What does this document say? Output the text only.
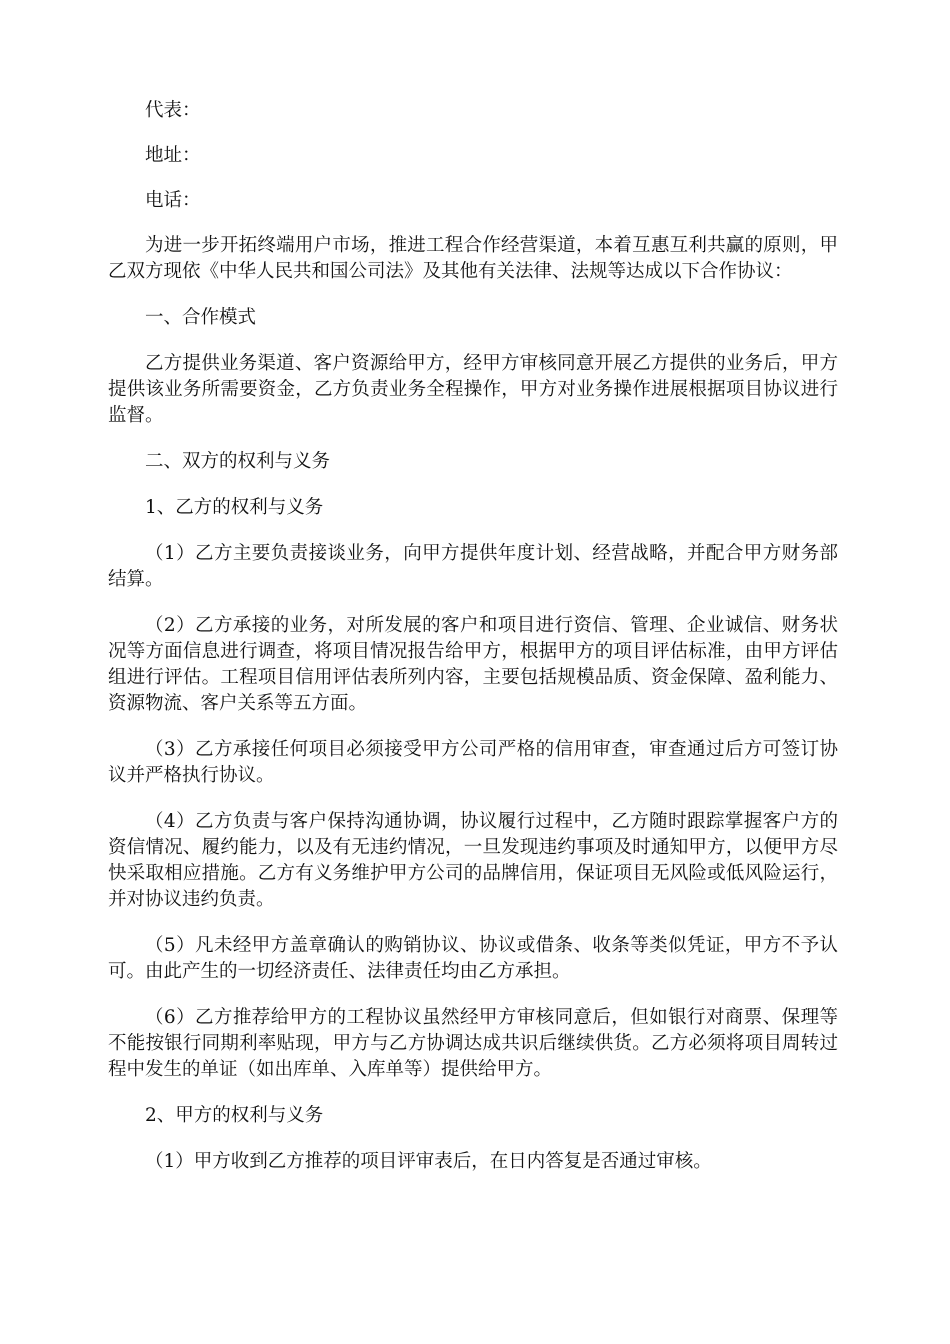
代表：

地址：

电话：

为进一步开拓终端用户市场，推进工程合作经营渠道，本着互惠互利共赢的原则，甲乙双方现依《中华人民共和国公司法》及其他有关法律、法规等达成以下合作协议：

一、合作模式

乙方提供业务渠道、客户资源给甲方，经甲方审核同意开展乙方提供的业务后，甲方提供该业务所需要资金，乙方负责业务全程操作，甲方对业务操作进展根据项目协议进行监督。

二、双方的权利与义务

1、乙方的权利与义务

（1）乙方主要负责接谈业务，向甲方提供年度计划、经营战略，并配合甲方财务部结算。

（2）乙方承接的业务，对所发展的客户和项目进行资信、管理、企业诚信、财务状况等方面信息进行调查，将项目情况报告给甲方，根据甲方的项目评估标准，由甲方评估组进行评估。工程项目信用评估表所列内容，主要包括规模品质、资金保障、盈利能力、资源物流、客户关系等五方面。

（3）乙方承接任何项目必须接受甲方公司严格的信用审查，审查通过后方可签订协议并严格执行协议。

（4）乙方负责与客户保持沟通协调，协议履行过程中，乙方随时跟踪掌握客户方的资信情况、履约能力，以及有无违约情况，一旦发现违约事项及时通知甲方，以便甲方尽快采取相应措施。乙方有义务维护甲方公司的品牌信用，保证项目无风险或低风险运行，并对协议违约负责。

（5）凡未经甲方盖章确认的购销协议、协议或借条、收条等类似凭证，甲方不予认可。由此产生的一切经济责任、法律责任均由乙方承担。

（6）乙方推荐给甲方的工程协议虽然经甲方审核同意后，但如银行对商票、保理等不能按银行同期利率贴现，甲方与乙方协调达成共识后继续供货。乙方必须将项目周转过程中发生的单证（如出库单、入库单等）提供给甲方。

2、甲方的权利与义务

（1）甲方收到乙方推荐的项目评审表后，在日内答复是否通过审核。
